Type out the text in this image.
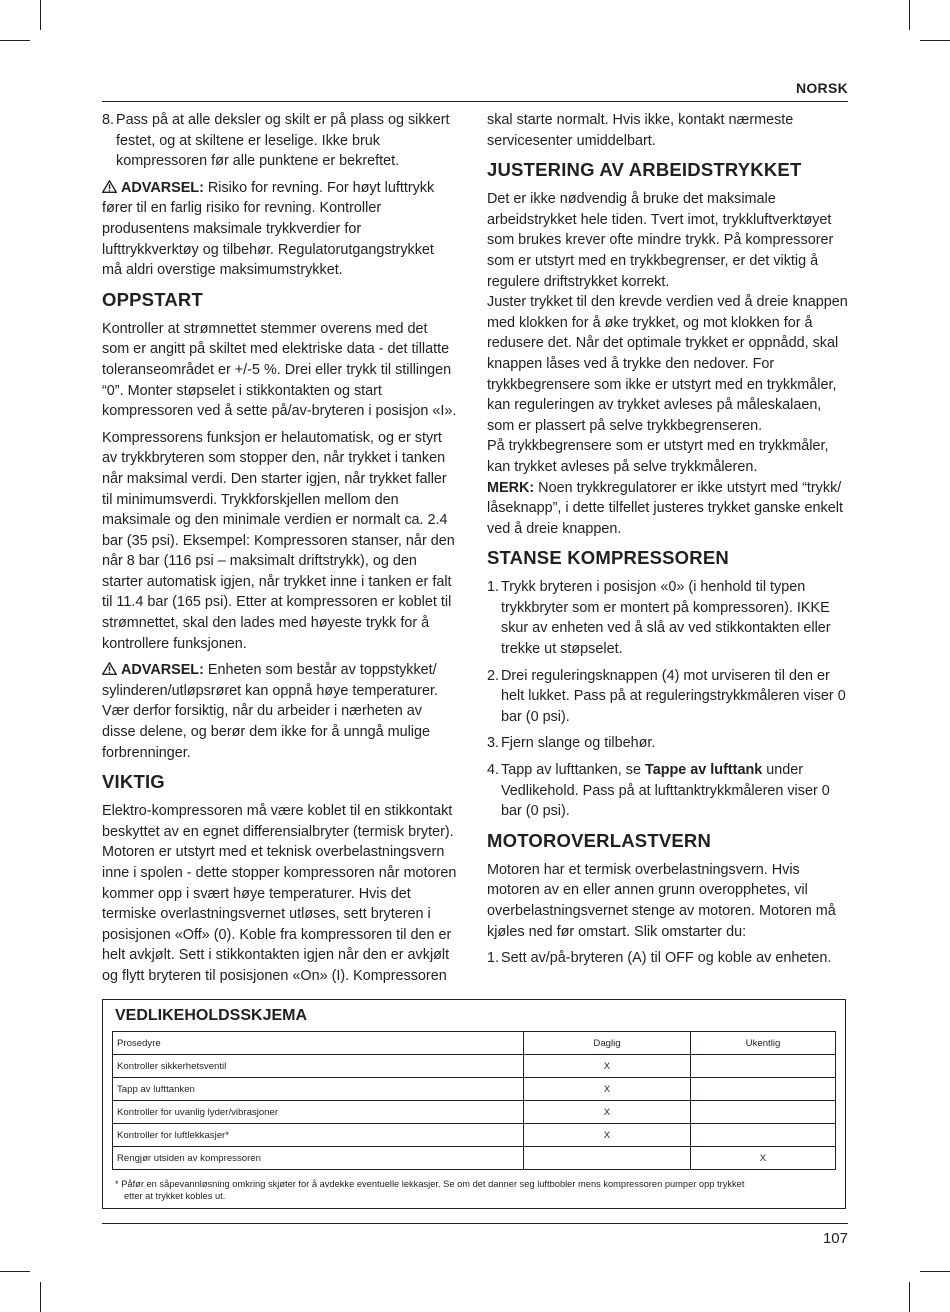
NORSK
8. Pass på at alle deksler og skilt er på plass og sikkert festet, og at skiltene er leselige. Ikke bruk kompressoren før alle punktene er bekreftet.

ADVARSEL: Risiko for revning. For høyt lufttrykk fører til en farlig risiko for revning. Kontroller produsentens maksimale trykkverdier for lufttrykkverktøy og tilbehør. Regulatorutgangstrykket må aldri overstige maksimumstrykket.

OPPSTART

Kontroller at strømnettet stemmer overens med det som er angitt på skiltet med elektriske data - det tillatte toleranseområdet er +/-5 %. Drei eller trykk til stillingen “0”. Monter støpselet i stikkontakten og start kompressoren ved å sette på/av-bryteren i posisjon «I».

Kompressorens funksjon er helautomatisk, og er styrt av trykkbryteren som stopper den, når trykket i tanken når maksimal verdi. Den starter igjen, når trykket faller til minimumsverdi. Trykkforskjellen mellom den maksimale og den minimale verdien er normalt ca. 2.4 bar (35 psi). Eksempel: Kompressoren stanser, når den når 8 bar (116 psi – maksimalt driftstrykk), og den starter automatisk igjen, når trykket inne i tanken er falt til 11.4 bar (165 psi). Etter at kompressoren er koblet til strømnettet, skal den lades med høyeste trykk for å kontrollere funksjonen.

ADVARSEL: Enheten som består av toppstykket/ sylinderen/utløpsrøret kan oppnå høye temperaturer. Vær derfor forsiktig, når du arbeider i nærheten av disse delene, og berør dem ikke for å unngå mulige forbrenninger.

VIKTIG

Elektro-kompressoren må være koblet til en stikkontakt beskyttet av en egnet differensialbryter (termisk bryter). Motoren er utstyrt med et teknisk overbelastningsvern inne i spolen - dette stopper kompressoren når motoren kommer opp i svært høye temperaturer. Hvis det termiske overlastningsvernet utløses, sett bryteren i posisjonen «Off» (0). Koble fra kompressoren til den er helt avkjølt. Sett i stikkontakten igjen når den er avkjølt og flytt bryteren til posisjonen «On» (I). Kompressoren

skal starte normalt. Hvis ikke, kontakt nærmeste servicesenter umiddelbart.

JUSTERING AV ARBEIDSTRYKKET

Det er ikke nødvendig å bruke det maksimale arbeidstrykket hele tiden. Tvert imot, trykkluftverktøyet som brukes krever ofte mindre trykk. På kompressorer som er utstyrt med en trykkbegrenser, er det viktig å regulere driftstrykket korrekt.

Juster trykket til den krevde verdien ved å dreie knappen med klokken for å øke trykket, og mot klokken for å redusere det. Når det optimale trykket er oppnådd, skal knappen låses ved å trykke den nedover. For trykkbegrensere som ikke er utstyrt med en trykkmåler, kan reguleringen av trykket avleses på måleskalaen, som er plassert på selve trykkbegrenseren.

På trykkbegrensere som er utstyrt med en trykkmåler, kan trykket avleses på selve trykkmåleren.

MERK: Noen trykkregulatorer er ikke utstyrt med “trykk/ låseknapp”, i dette tilfellet justeres trykket ganske enkelt ved å dreie knappen.

STANSE KOMPRESSOREN
1. Trykk bryteren i posisjon «0» (i henhold til typen trykkbryter som er montert på kompressoren). IKKE skur av enheten ved å slå av ved stikkontakten eller trekke ut støpselet.
2. Drei reguleringsknappen (4) mot urviseren til den er helt lukket. Pass på at reguleringstrykkmåleren viser 0 bar (0 psi).
3. Fjern slange og tilbehør.
4. Tapp av lufttanken, se Tappe av lufttank under Vedlikehold. Pass på at lufttanktrykkmåleren viser 0 bar (0 psi).
MOTOROVERLASTVERN

Motoren har et termisk overbelastningsvern. Hvis motoren av en eller annen grunn overopphetes, vil overbelastningsvernet stenge av motoren. Motoren må kjøles ned før omstart. Slik omstarter du:

1. Sett av/på-bryteren (A) til OFF og koble av enheten.
VEDLIKEHOLDSSKJEMA
Prosedyre	Daglig	Ukentlig
Kontroller sikkerhetsventil	X	
Tapp av lufttanken	X	
Kontroller for uvanlig lyder/vibrasjoner	X	
Kontroller for luftlekkasjer*	X	
Rengjør utsiden av kompressoren		X
* Påfør en såpevannløsning omkring skjøter for å avdekke eventuelle lekkasjer. Se om det danner seg luftbobler mens kompressoren pumper opp trykket
etter at trykket kobles ut.
107
